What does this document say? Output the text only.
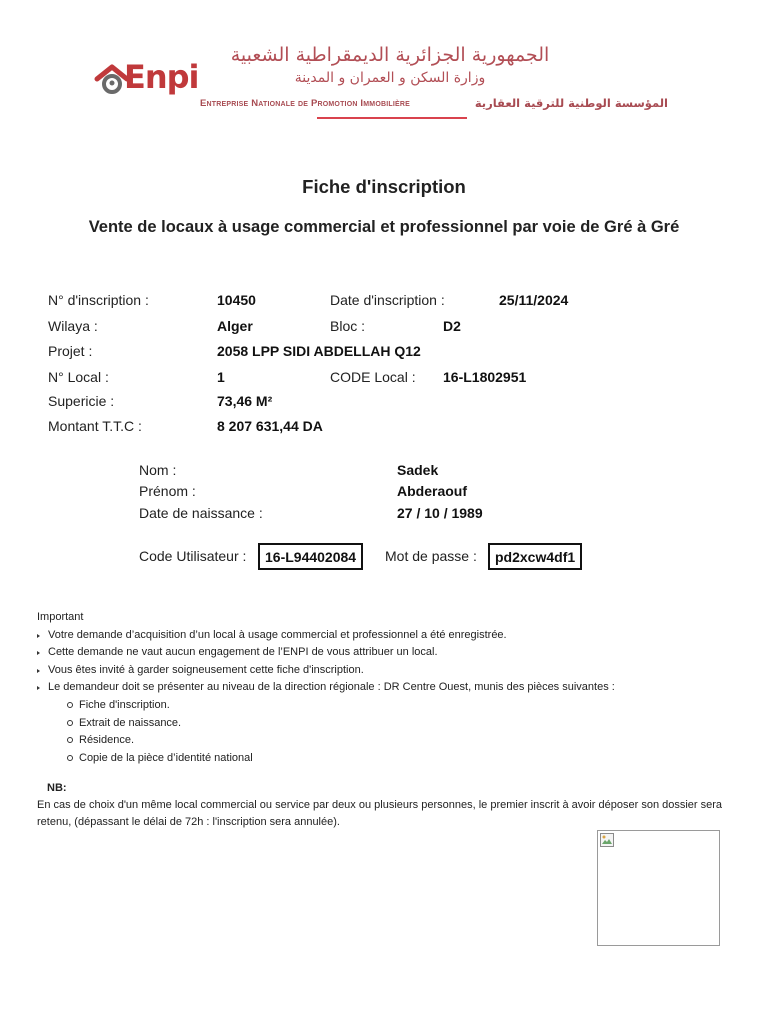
Enpi
الجمهورية الجزائرية الديمقراطية الشعبية
وزارة السكن و العمران و المدينة
Entreprise Nationale de Promotion Immobilière	المؤسسة الوطنية للترقية العقارية
Fiche d'inscription
Vente de locaux à usage commercial et professionnel par voie de Gré à Gré
N° d'inscription :	10450	Date d'inscription :	25/11/2024
Wilaya :	Alger	Bloc :	D2
Projet :	2058 LPP SIDI ABDELLAH Q12
N° Local :	1	CODE Local : 16-L1802951
Supericie :	73,46 M²
Montant T.T.C :	8 207 631,44 DA
Nom :	Sadek
Prénom :	Abderaouf
Date de naissance :	27 / 10 / 1989
Code Utilisateur :	16-L94402084	Mot de passe :	pd2xcw4df1
Important
Votre demande d’acquisition d’un local à usage commercial et professionnel a été enregistrée.
Cette demande ne vaut aucun engagement de l’ENPI de vous attribuer un local.
Vous êtes invité à garder soigneusement cette fiche d'inscription.
Le demandeur doit se présenter au niveau de la direction régionale : DR Centre Ouest, munis des pièces suivantes :
Fiche d'inscription.
Extrait de naissance.
Résidence.
Copie de la pièce d’identité national
NB:
En cas de choix d'un même local commercial ou service par deux ou plusieurs personnes, le premier inscrit à avoir déposer son dossier sera retenu, (dépassant le délai de 72h : l'inscription sera annulée).
